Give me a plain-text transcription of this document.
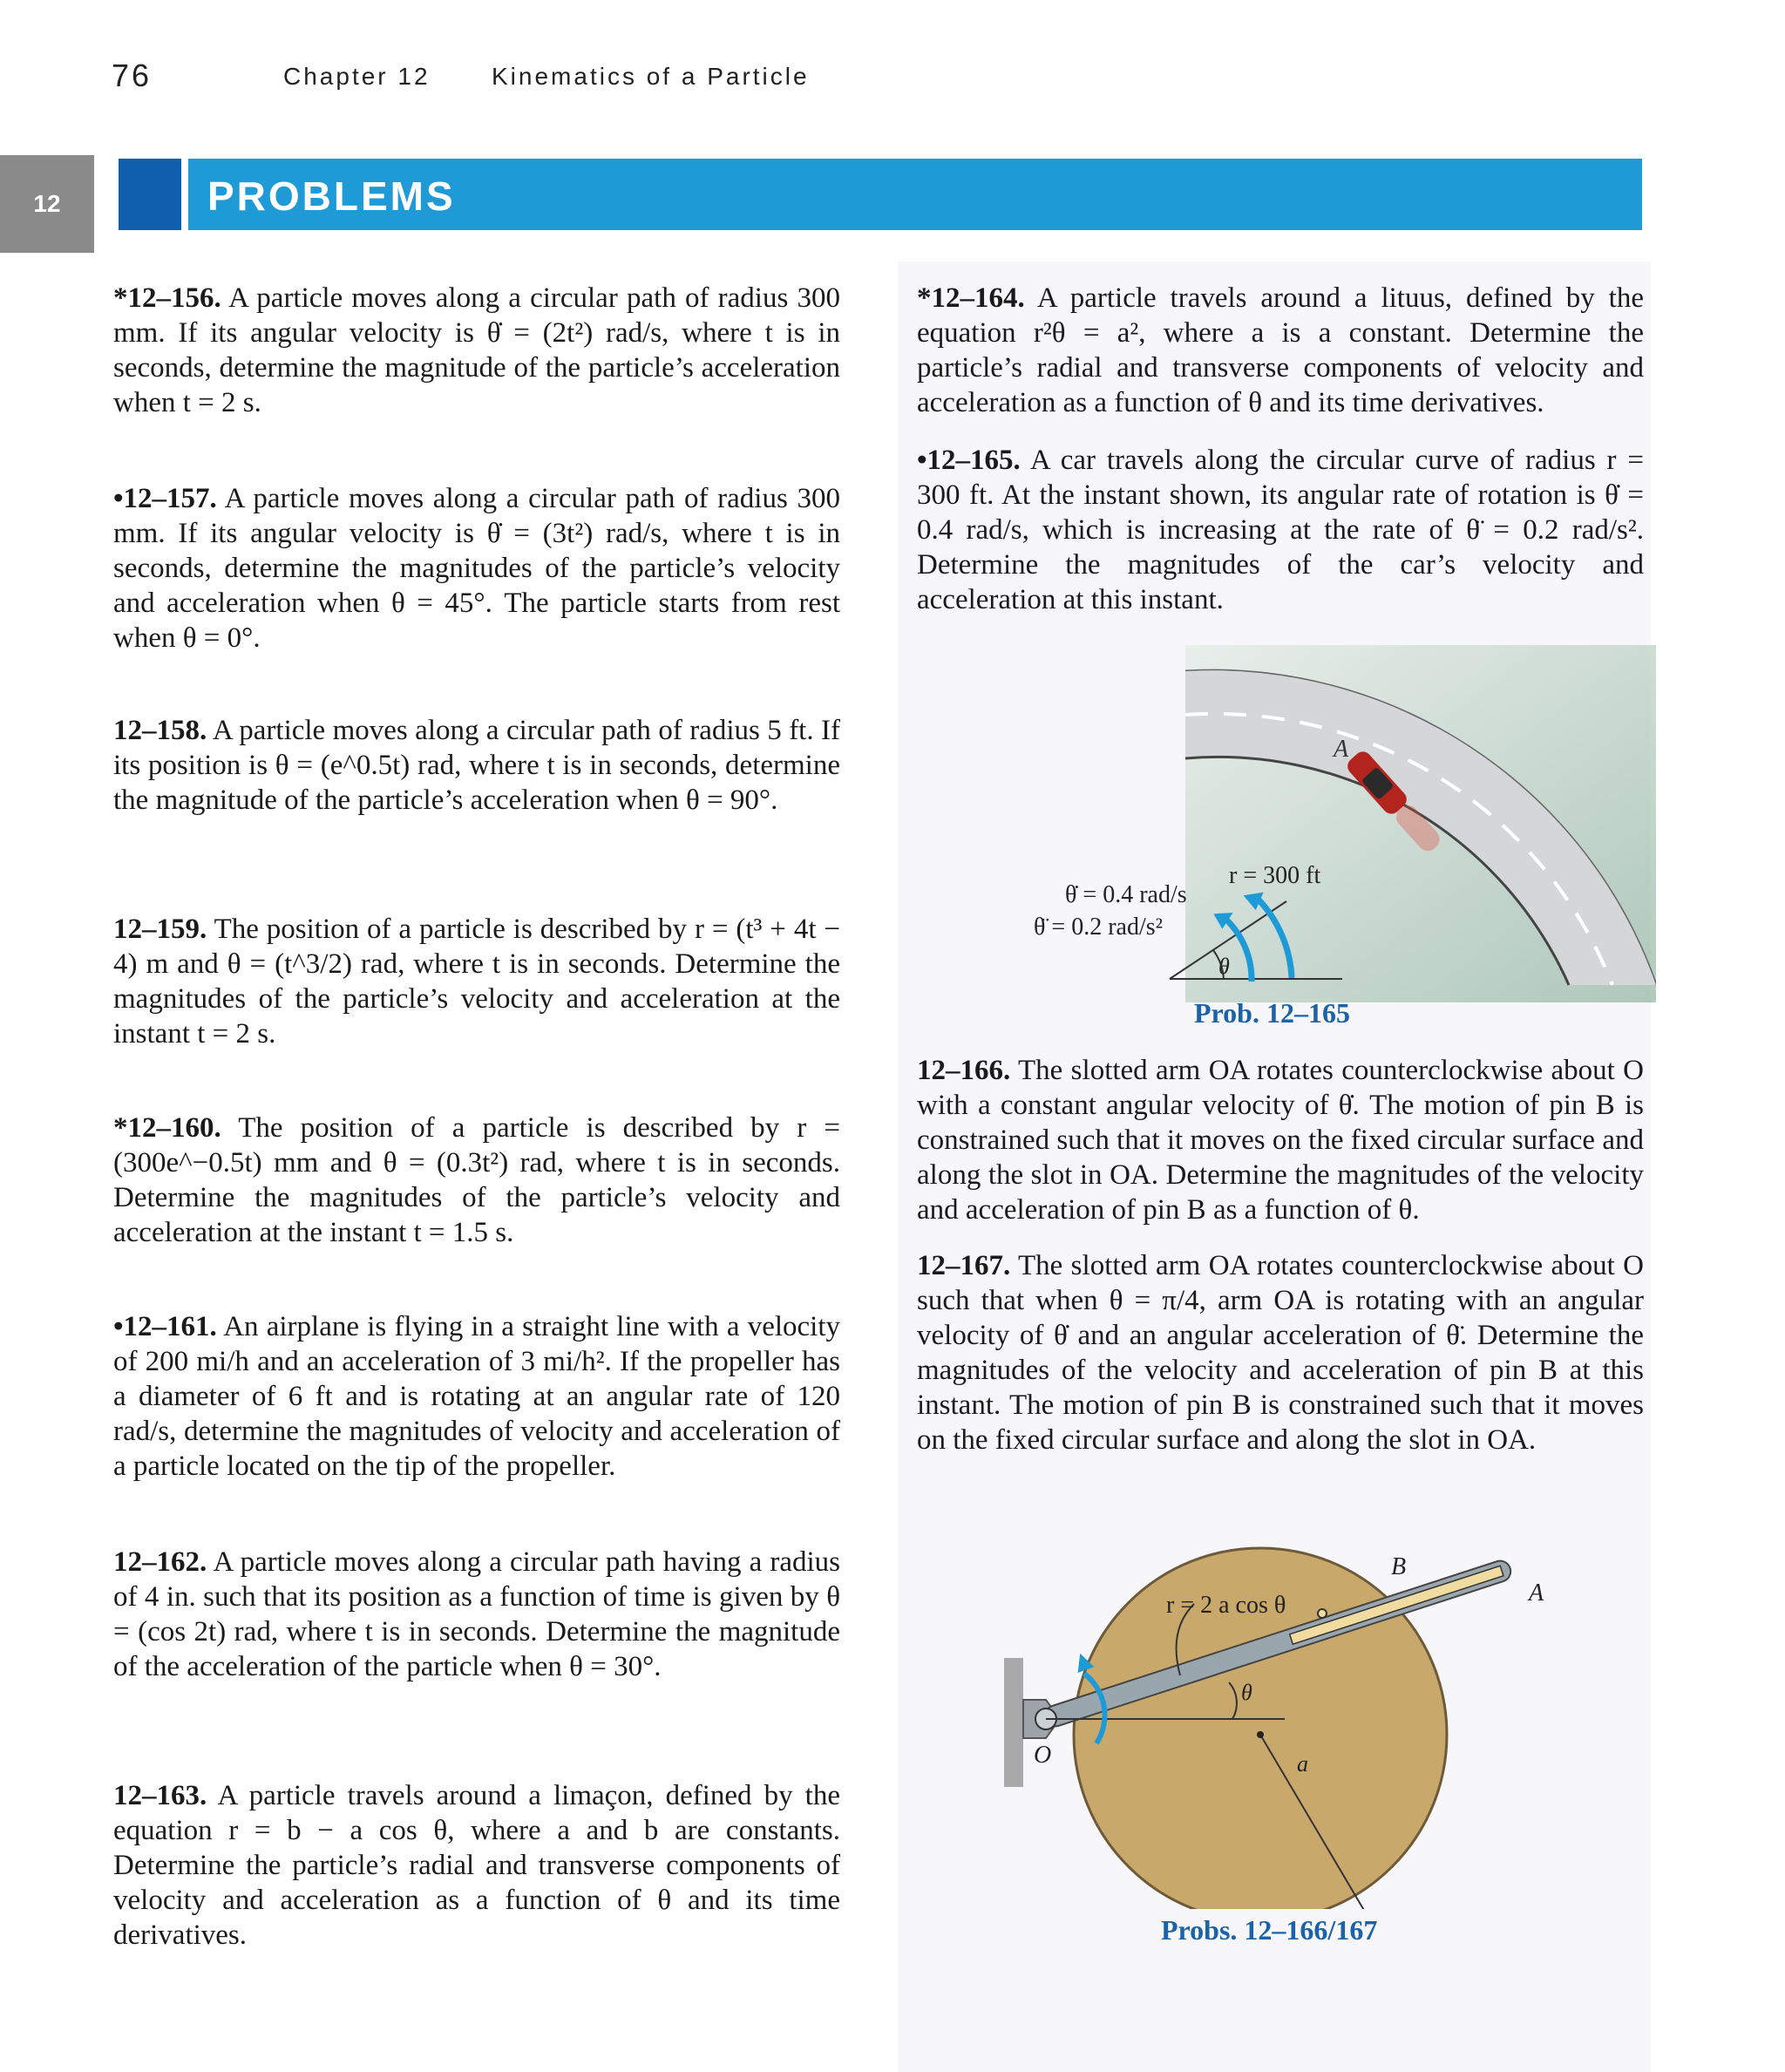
76	Chapter 12	Kinematics of a Particle
12	PROBLEMS
*12–156. A particle moves along a circular path of radius 300 mm. If its angular velocity is θ̇ = (2t²) rad/s, where t is in seconds, determine the magnitude of the particle’s acceleration when t = 2 s.
•12–157. A particle moves along a circular path of radius 300 mm. If its angular velocity is θ̇ = (3t²) rad/s, where t is in seconds, determine the magnitudes of the particle’s velocity and acceleration when θ = 45°. The particle starts from rest when θ = 0°.
12–158. A particle moves along a circular path of radius 5 ft. If its position is θ = (e^0.5t) rad, where t is in seconds, determine the magnitude of the particle’s acceleration when θ = 90°.
12–159. The position of a particle is described by r = (t³ + 4t − 4) m and θ = (t^3/2) rad, where t is in seconds. Determine the magnitudes of the particle’s velocity and acceleration at the instant t = 2 s.
*12–160. The position of a particle is described by r = (300e^−0.5t) mm and θ = (0.3t²) rad, where t is in seconds. Determine the magnitudes of the particle’s velocity and acceleration at the instant t = 1.5 s.
•12–161. An airplane is flying in a straight line with a velocity of 200 mi/h and an acceleration of 3 mi/h². If the propeller has a diameter of 6 ft and is rotating at an angular rate of 120 rad/s, determine the magnitudes of velocity and acceleration of a particle located on the tip of the propeller.
12–162. A particle moves along a circular path having a radius of 4 in. such that its position as a function of time is given by θ = (cos 2t) rad, where t is in seconds. Determine the magnitude of the acceleration of the particle when θ = 30°.
12–163. A particle travels around a limaçon, defined by the equation r = b − a cos θ, where a and b are constants. Determine the particle’s radial and transverse components of velocity and acceleration as a function of θ and its time derivatives.
*12–164. A particle travels around a lituus, defined by the equation r²θ = a², where a is a constant. Determine the particle’s radial and transverse components of velocity and acceleration as a function of θ and its time derivatives.
•12–165. A car travels along the circular curve of radius r = 300 ft. At the instant shown, its angular rate of rotation is θ̇ = 0.4 rad/s, which is increasing at the rate of θ̈ = 0.2 rad/s². Determine the magnitudes of the car’s velocity and acceleration at this instant.
A
r = 300 ft
θ̇ = 0.4 rad/s
θ̈ = 0.2 rad/s²
θ
Prob. 12–165
12–166. The slotted arm OA rotates counterclockwise about O with a constant angular velocity of θ̇. The motion of pin B is constrained such that it moves on the fixed circular surface and along the slot in OA. Determine the magnitudes of the velocity and acceleration of pin B as a function of θ.
12–167. The slotted arm OA rotates counterclockwise about O such that when θ = π/4, arm OA is rotating with an angular velocity of θ̇ and an angular acceleration of θ̈. Determine the magnitudes of the velocity and acceleration of pin B at this instant. The motion of pin B is constrained such that it moves on the fixed circular surface and along the slot in OA.
B
A
r = 2 a cos θ
θ
O	a
Probs. 12–166/167
